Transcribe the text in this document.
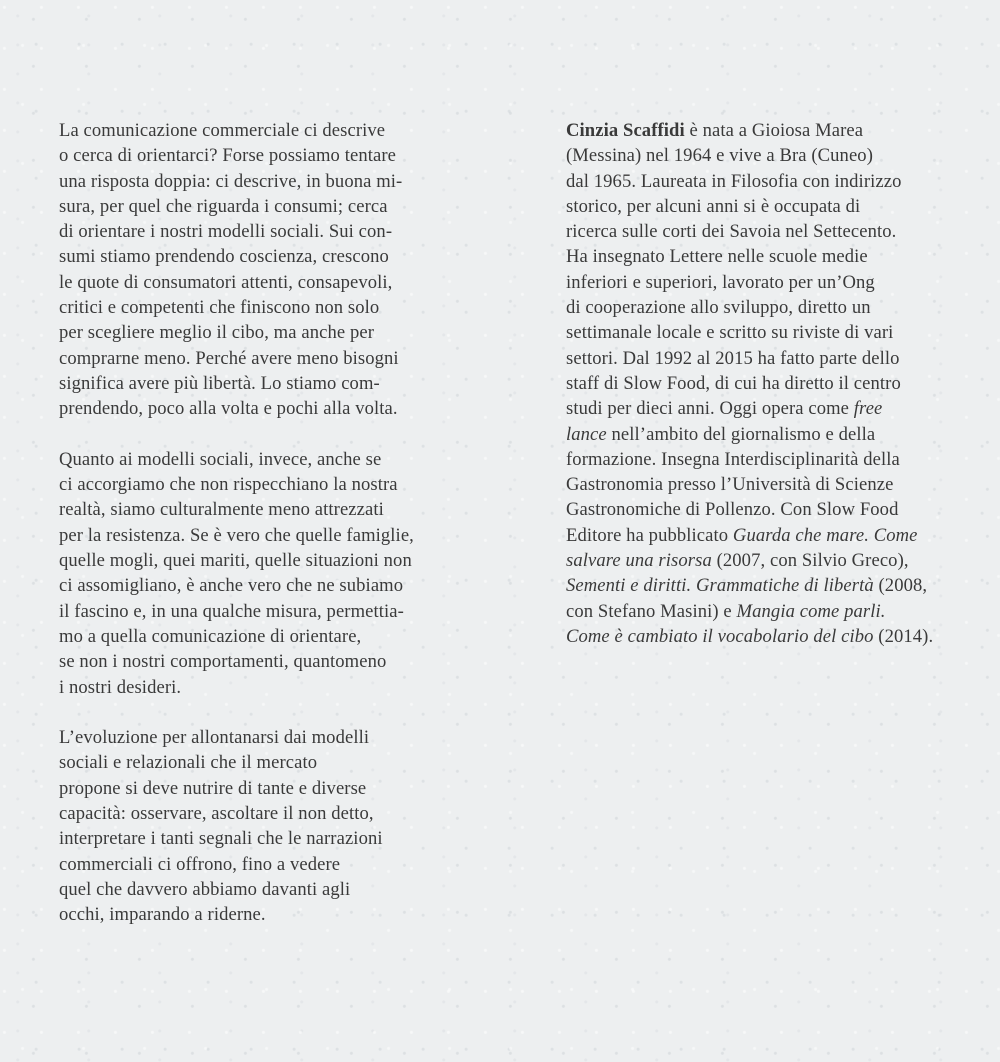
La comunicazione commerciale ci descrive
o cerca di orientarci? Forse possiamo tentare
una risposta doppia: ci descrive, in buona mi-
sura, per quel che riguarda i consumi; cerca
di orientare i nostri modelli sociali. Sui con-
sumi stiamo prendendo coscienza, crescono
le quote di consumatori attenti, consapevoli,
critici e competenti che finiscono non solo
per scegliere meglio il cibo, ma anche per
comprarne meno. Perché avere meno bisogni
significa avere più libertà. Lo stiamo com-
prendendo, poco alla volta e pochi alla volta.

Quanto ai modelli sociali, invece, anche se
ci accorgiamo che non rispecchiano la nostra
realtà, siamo culturalmente meno attrezzati
per la resistenza. Se è vero che quelle famiglie,
quelle mogli, quei mariti, quelle situazioni non
ci assomigliano, è anche vero che ne subiamo
il fascino e, in una qualche misura, permettia-
mo a quella comunicazione di orientare,
se non i nostri comportamenti, quantomeno
i nostri desideri.

L’evoluzione per allontanarsi dai modelli
sociali e relazionali che il mercato
propone si deve nutrire di tante e diverse
capacità: osservare, ascoltare il non detto,
interpretare i tanti segnali che le narrazioni
commerciali ci offrono, fino a vedere
quel che davvero abbiamo davanti agli
occhi, imparando a riderne.

Cinzia Scaffidi è nata a Gioiosa Marea
(Messina) nel 1964 e vive a Bra (Cuneo)
dal 1965. Laureata in Filosofia con indirizzo
storico, per alcuni anni si è occupata di
ricerca sulle corti dei Savoia nel Settecento.
Ha insegnato Lettere nelle scuole medie
inferiori e superiori, lavorato per un’Ong
di cooperazione allo sviluppo, diretto un
settimanale locale e scritto su riviste di vari
settori. Dal 1992 al 2015 ha fatto parte dello
staff di Slow Food, di cui ha diretto il centro
studi per dieci anni. Oggi opera come free
lance nell’ambito del giornalismo e della
formazione. Insegna Interdisciplinarità della
Gastronomia presso l’Università di Scienze
Gastronomiche di Pollenzo. Con Slow Food
Editore ha pubblicato Guarda che mare. Come
salvare una risorsa (2007, con Silvio Greco),
Sementi e diritti. Grammatiche di libertà (2008,
con Stefano Masini) e Mangia come parli.
Come è cambiato il vocabolario del cibo (2014).
